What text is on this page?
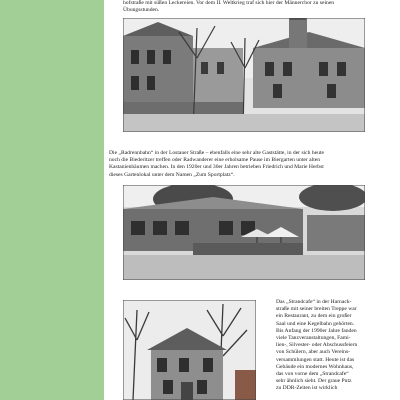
hofstraße mit süßen Leckereien. Vor dem II. Weltkrieg traf sich hier der Männerchor zu seinen

Übungsstunden.

Die „Radrennbahn“ in der Lostauer Straße – ebenfalls eine sehr alte Gaststätte, in der sich heute

noch die Biederitzer treffen oder Radwanderer eine erholsame Pause im Biergarten unter alten

Kastanienbäumen machen. In den 1920er und 30er Jahren betrieben Friedrich und Marie Herbst

dieses Gartenlokal unter dem Namen „Zum Sportplatz“.

Das „Strandcafe“ in der Harnack-

straße mit seiner breiten Treppe war

ein Restaurant, zu dem ein großer

Saal und eine Kegelbahn gehörten.

Bis Anfang der 1990er Jahre fanden

viele Tanzveranstaltungen, Fami-

lien-, Silvester- oder Abschussfeiern

von Schülern, aber auch Vereins-

versammlungen statt. Heute ist das

Gebäude ein modernes Wohnhaus,

das von vorne dem „Strandcafe“

sehr ähnlich sieht. Der graue Putz

zu DDR-Zeiten ist wirklich
